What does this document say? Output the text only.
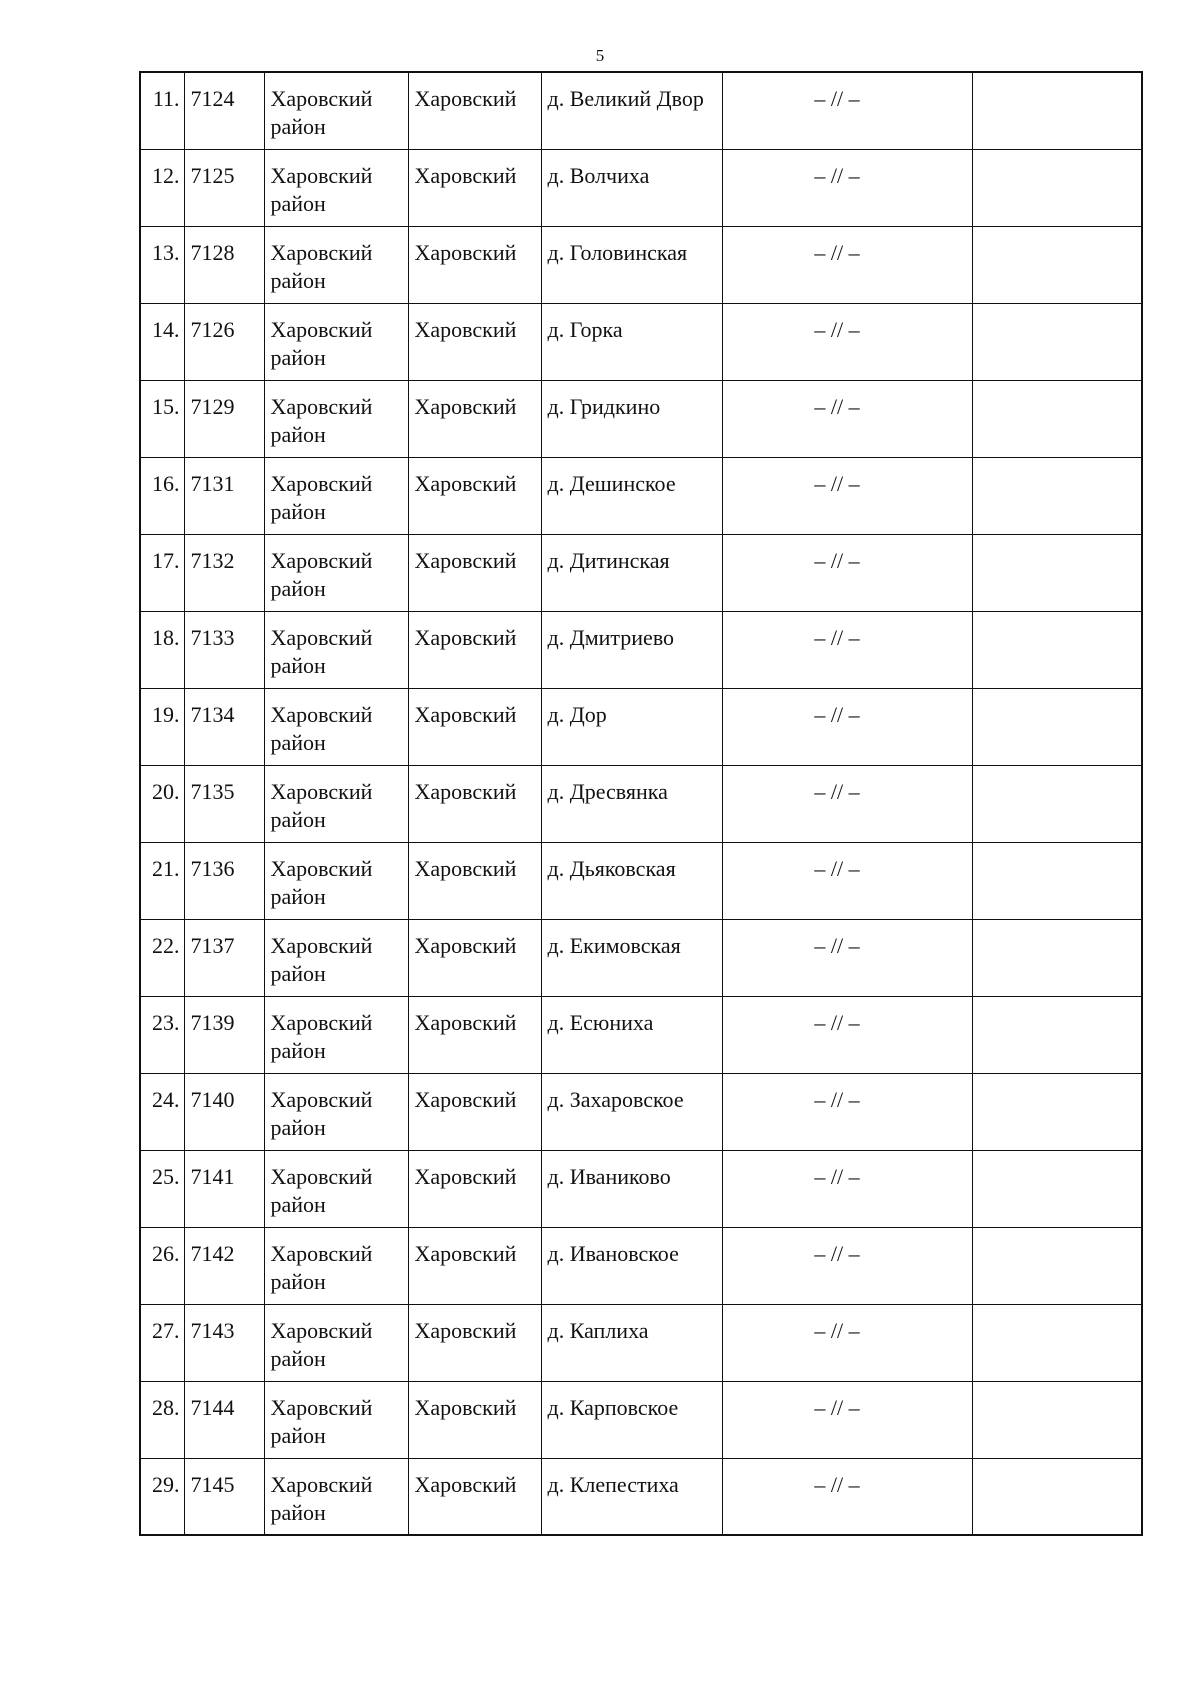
5
11.	7124	Харовский район	Харовский	д. Великий Двор	– // –	
12.	7125	Харовский район	Харовский	д. Волчиха	– // –	
13.	7128	Харовский район	Харовский	д. Головинская	– // –	
14.	7126	Харовский район	Харовский	д. Горка	– // –	
15.	7129	Харовский район	Харовский	д. Гридкино	– // –	
16.	7131	Харовский район	Харовский	д. Дешинское	– // –	
17.	7132	Харовский район	Харовский	д. Дитинская	– // –	
18.	7133	Харовский район	Харовский	д. Дмитриево	– // –	
19.	7134	Харовский район	Харовский	д. Дор	– // –	
20.	7135	Харовский район	Харовский	д. Дресвянка	– // –	
21.	7136	Харовский район	Харовский	д. Дьяковская	– // –	
22.	7137	Харовский район	Харовский	д. Екимовская	– // –	
23.	7139	Харовский район	Харовский	д. Есюниха	– // –	
24.	7140	Харовский район	Харовский	д. Захаровское	– // –	
25.	7141	Харовский район	Харовский	д. Иваниково	– // –	
26.	7142	Харовский район	Харовский	д. Ивановское	– // –	
27.	7143	Харовский район	Харовский	д. Каплиха	– // –	
28.	7144	Харовский район	Харовский	д. Карповское	– // –	
29.	7145	Харовский район	Харовский	д. Клепестиха	– // –	
